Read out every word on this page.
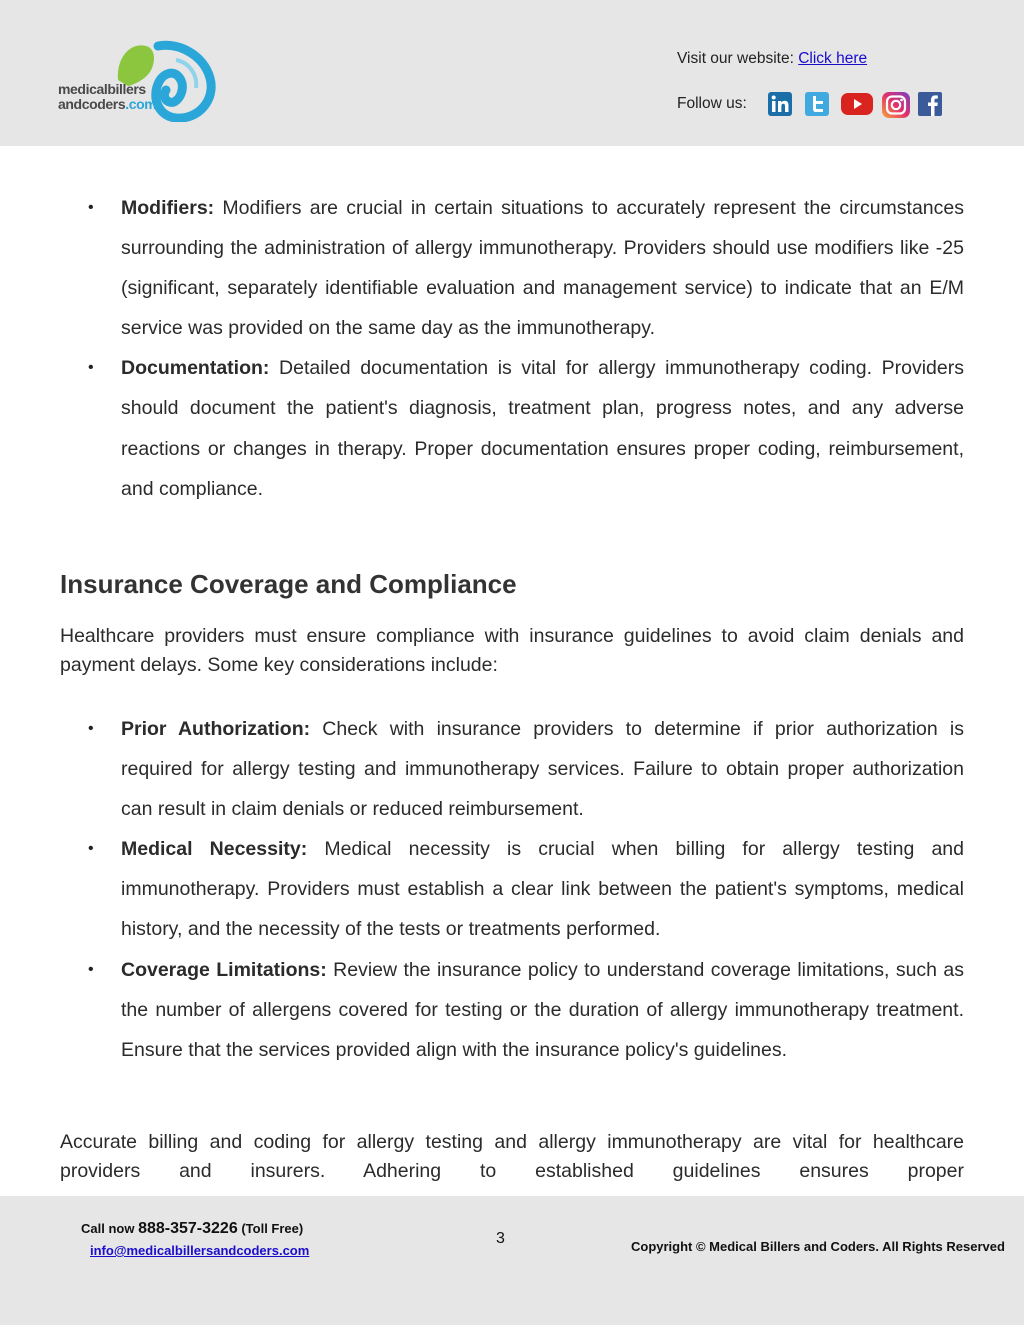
medicalbillers
andcoders.com
Visit our website: Click here
Follow us:
• Modifiers: Modifiers are crucial in certain situations to accurately represent the circumstances surrounding the administration of allergy immunotherapy. Providers should use modifiers like -25 (significant, separately identifiable evaluation and management service) to indicate that an E/M service was provided on the same day as the immunotherapy.
• Documentation: Detailed documentation is vital for allergy immunotherapy coding. Providers should document the patient's diagnosis, treatment plan, progress notes, and any adverse reactions or changes in therapy. Proper documentation ensures proper coding, reimbursement, and compliance.
Insurance Coverage and Compliance

Healthcare providers must ensure compliance with insurance guidelines to avoid claim denials and payment delays. Some key considerations include:

• Prior Authorization: Check with insurance providers to determine if prior authorization is required for allergy testing and immunotherapy services. Failure to obtain proper authorization can result in claim denials or reduced reimbursement.
• Medical Necessity: Medical necessity is crucial when billing for allergy testing and immunotherapy. Providers must establish a clear link between the patient's symptoms, medical history, and the necessity of the tests or treatments performed.
• Coverage Limitations: Review the insurance policy to understand coverage limitations, such as the number of allergens covered for testing or the duration of allergy immunotherapy treatment. Ensure that the services provided align with the insurance policy's guidelines.

Accurate billing and coding for allergy testing and allergy immunotherapy are vital for healthcare providers and insurers. Adhering to established guidelines ensures proper

Call now 888-357-3226 (Toll Free)
info@medicalbillersandcoders.com
3	Copyright © Medical Billers and Coders. All Rights Reserved
